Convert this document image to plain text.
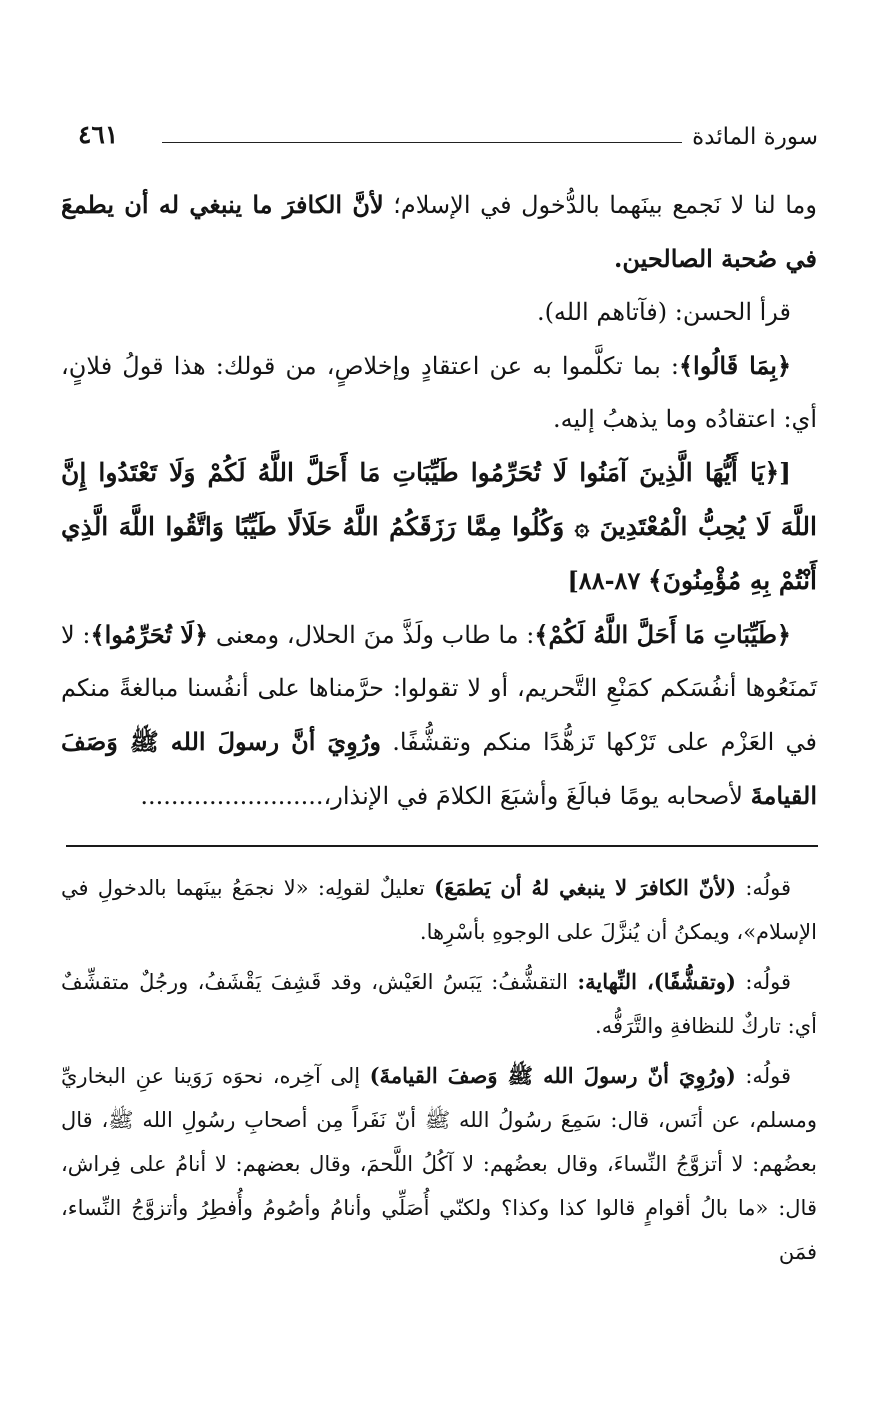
سورة المائدة
٤٦١

وما لنا لا نَجمع بينَهما بالدُّخول في الإسلام؛ لأنَّ الكافرَ ما ينبغي له أن يطمعَ في صُحبة الصالحين.

قرأ الحسن: (فآتاهم الله).

﴿بِمَا قَالُوا﴾: بما تكلَّموا به عن اعتقادٍ وإخلاصٍ، من قولك: هذا قولُ فلانٍ، أي: اعتقادُه وما يذهبُ إليه.

[﴿يَا أَيُّهَا الَّذِينَ آمَنُوا لَا تُحَرِّمُوا طَيِّبَاتِ مَا أَحَلَّ اللَّهُ لَكُمْ وَلَا تَعْتَدُوا إِنَّ اللَّهَ لَا يُحِبُّ الْمُعْتَدِينَ ۞ وَكُلُوا مِمَّا رَزَقَكُمُ اللَّهُ حَلَالًا طَيِّبًا وَاتَّقُوا اللَّهَ الَّذِي أَنْتُمْ بِهِ مُؤْمِنُونَ﴾ ٨٧-٨٨]

﴿طَيِّبَاتِ مَا أَحَلَّ اللَّهُ لَكُمْ﴾: ما طاب ولَذَّ منَ الحلال، ومعنى ﴿لَا تُحَرِّمُوا﴾: لا تَمنَعُوها أنفُسَكم كمَنْعِ التَّحريم، أو لا تقولوا: حرَّمناها على أنفُسنا مبالغةً منكم في العَزْم على تَرْكها تَزهُّدًا منكم وتقشُّفًا. ورُوِيَ أنَّ رسولَ الله ﷺ وَصَفَ القيامةَ لأصحابه يومًا فبالَغَ وأشبَعَ الكلامَ في الإنذار،........................

قولُه: (لأنّ الكافرَ لا ينبغي لهُ أن يَطمَعَ) تعليلٌ لقولِه: «لا نجمَعُ بينَهما بالدخولِ في الإسلام»، ويمكنُ أن يُنزَّلَ على الوجوهِ بأسْرِها.

قولُه: (وتقشُّفًا)، النِّهاية: التقشُّفُ: يَبَسُ العَيْش، وقد قَشِفَ يَقْشَفُ، ورجُلٌ متقشِّفٌ أي: تاركٌ للنظافةِ والتَّرَفُّه.

قولُه: (ورُوِيَ أنّ رسولَ الله ﷺ وَصفَ القيامةَ) إلى آخِره، نحوَه رَوَينا عنِ البخاريِّ ومسلم، عن أنَس، قال: سَمِعَ رسُولُ الله ﷺ أنّ نَفَراً مِن أصحابِ رسُولِ الله ﷺ، قال بعضُهم: لا أتزوَّجُ النِّساءَ، وقال بعضُهم: لا آكُلُ اللَّحمَ، وقال بعضهم: لا أنامُ على فِراش، قال: «ما بالُ أقوامٍ قالوا كذا وكذا؟ ولكنّي أُصَلِّي وأنامُ وأصُومُ وأُفطِرُ وأتزوَّجُ النِّساء، فمَن
